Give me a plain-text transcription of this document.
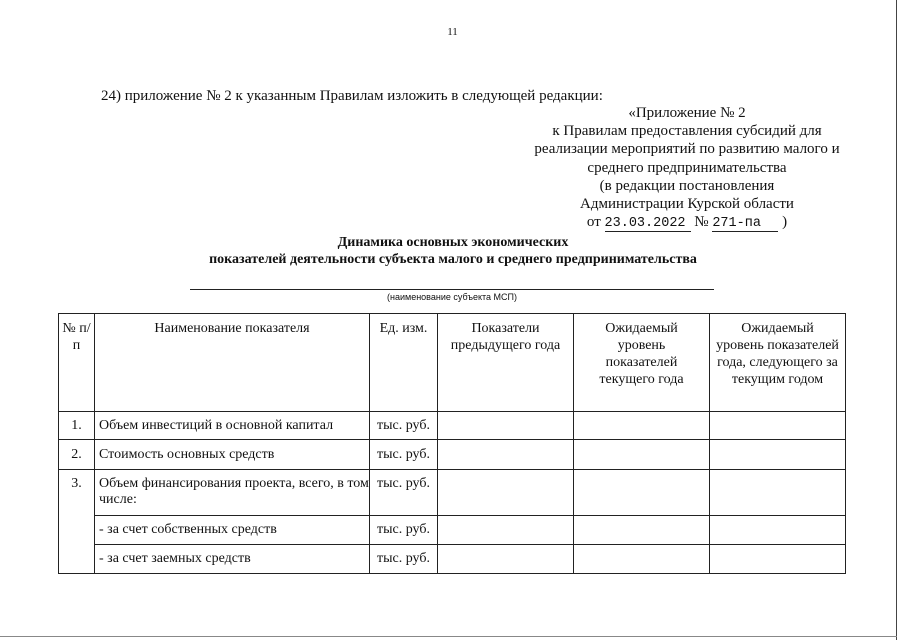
11
24) приложение № 2 к указанным Правилам изложить в следующей редакции:
«Приложение № 2
к Правилам предоставления субсидий для
реализации мероприятий по развитию малого и
среднего предпринимательства
(в редакции постановления
Администрации Курской области
от 23.03.2022 № 271-па )
Динамика основных экономических
показателей деятельности субъекта малого и среднего предпринимательства
(наименование субъекта МСП)
№ п/п	Наименование показателя	Ед. изм.	Показатели предыдущего года	Ожидаемый уровень показателей текущего года	Ожидаемый уровень показателей года, следующего за текущим годом
1.	Объем инвестиций в основной капитал	тыс. руб.			
2.	Стоимость основных средств	тыс. руб.			
3.	Объем финансирования проекта, всего, в том числе:	тыс. руб.			
	- за счет собственных средств	тыс. руб.			
	- за счет заемных средств	тыс. руб.			
